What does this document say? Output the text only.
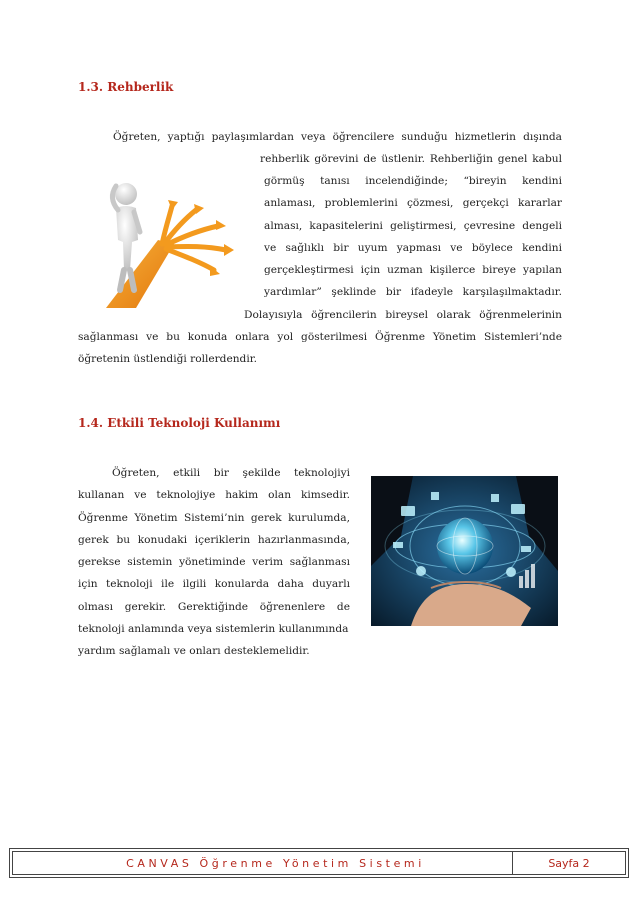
1.3. Rehberlik
Öğreten, yaptığı paylaşımlardan veya öğrencilere sunduğu hizmetlerin dışında
rehberlik görevini de üstlenir. Rehberliğin genel kabul
görmüş tanısı incelendiğinde; “bireyin kendini
anlaması, problemlerini çözmesi, gerçekçi kararlar
alması, kapasitelerini geliştirmesi, çevresine dengeli
ve sağlıklı bir uyum yapması ve böylece kendini
gerçekleştirmesi için uzman kişilerce bireye yapılan
yardımlar” şeklinde bir ifadeyle karşılaşılmaktadır.
Dolayısıyla öğrencilerin bireysel olarak öğrenmelerinin
sağlanması ve bu konuda onlara yol gösterilmesi Öğrenme Yönetim Sistemleri’nde
öğretenin üstlendiği rollerdendir.
1.4. Etkili Teknoloji Kullanımı
Öğreten, etkili bir şekilde teknolojiyi
kullanan ve teknolojiye hakim olan kimsedir.
Öğrenme Yönetim Sistemi’nin gerek kurulumda,
gerek bu konudaki içeriklerin hazırlanmasında,
gerekse sistemin yönetiminde verim sağlanması
için teknoloji ile ilgili konularda daha duyarlı
olması gerekir. Gerektiğinde öğrenenlere de
teknoloji anlamında veya sistemlerin kullanımında
yardım sağlamalı ve onları desteklemelidir.
CANVAS Öğrenme Yönetim Sistemi	Sayfa 2
